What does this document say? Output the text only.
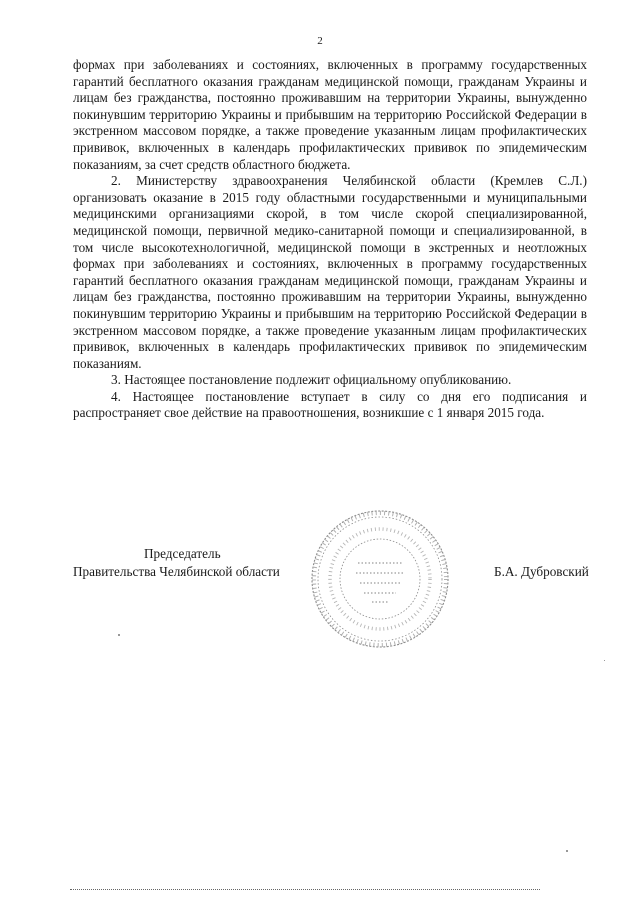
2

формах при заболеваниях и состояниях, включенных в программу государственных гарантий бесплатного оказания гражданам медицинской помощи, гражданам Украины и лицам без гражданства, постоянно проживавшим на территории Украины, вынужденно покинувшим территорию Украины и прибывшим на территорию Российской Федерации в экстренном массовом порядке, а также проведение указанным лицам профилактических прививок, включенных в календарь профилактических прививок по эпидемическим показаниям, за счет средств областного бюджета.

2. Министерству здравоохранения Челябинской области (Кремлев С.Л.) организовать оказание в 2015 году областными государственными и муниципальными медицинскими организациями скорой, в том числе скорой специализированной, медицинской помощи, первичной медико-санитарной помощи и специализированной, в том числе высокотехнологичной, медицинской помощи в экстренных и неотложных формах при заболеваниях и состояниях, включенных в программу государственных гарантий бесплатного оказания гражданам медицинской помощи, гражданам Украины и лицам без гражданства, постоянно проживавшим на территории Украины, вынужденно покинувшим территорию Украины и прибывшим на территорию Российской Федерации в экстренном массовом порядке, а также проведение указанным лицам профилактических прививок, включенных в календарь профилактических прививок по эпидемическим показаниям.

3. Настоящее постановление подлежит официальному опубликованию.

4. Настоящее постановление вступает в силу со дня его подписания и распространяет свое действие на правоотношения, возникшие с 1 января 2015 года.

Председатель
Правительства Челябинской области	Б.А. Дубровский
